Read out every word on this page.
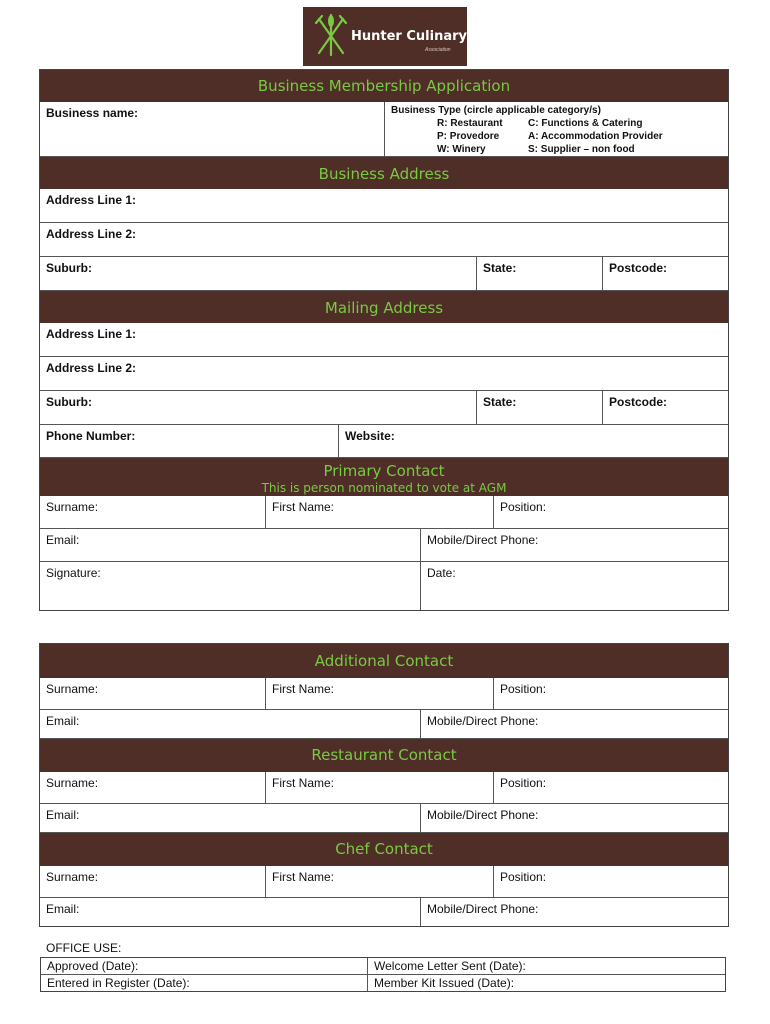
Hunter Culinary
Association
Business Membership Application
Business name:	Business Type (circle applicable category/s)
R: Restaurant	C: Functions & Catering
P: Provedore	A: Accommodation Provider
W: Winery	S: Supplier – non food
Business Address
Address Line 1:
Address Line 2:
Suburb:	State:	Postcode:
Mailing Address
Address Line 1:
Address Line 2:
Suburb:	State:	Postcode:
Phone Number:	Website:
Primary Contact
This is person nominated to vote at AGM
Surname:	First Name:	Position:
Email:	Mobile/Direct Phone:
Signature:	Date:
Additional Contact
Surname:	First Name:	Position:
Email:	Mobile/Direct Phone:
Restaurant Contact
Surname:	First Name:	Position:
Email:	Mobile/Direct Phone:
Chef Contact
Surname:	First Name:	Position:
Email:	Mobile/Direct Phone:
OFFICE USE:
Approved (Date):	Welcome Letter Sent (Date):
Entered in Register (Date):	Member Kit Issued (Date):
